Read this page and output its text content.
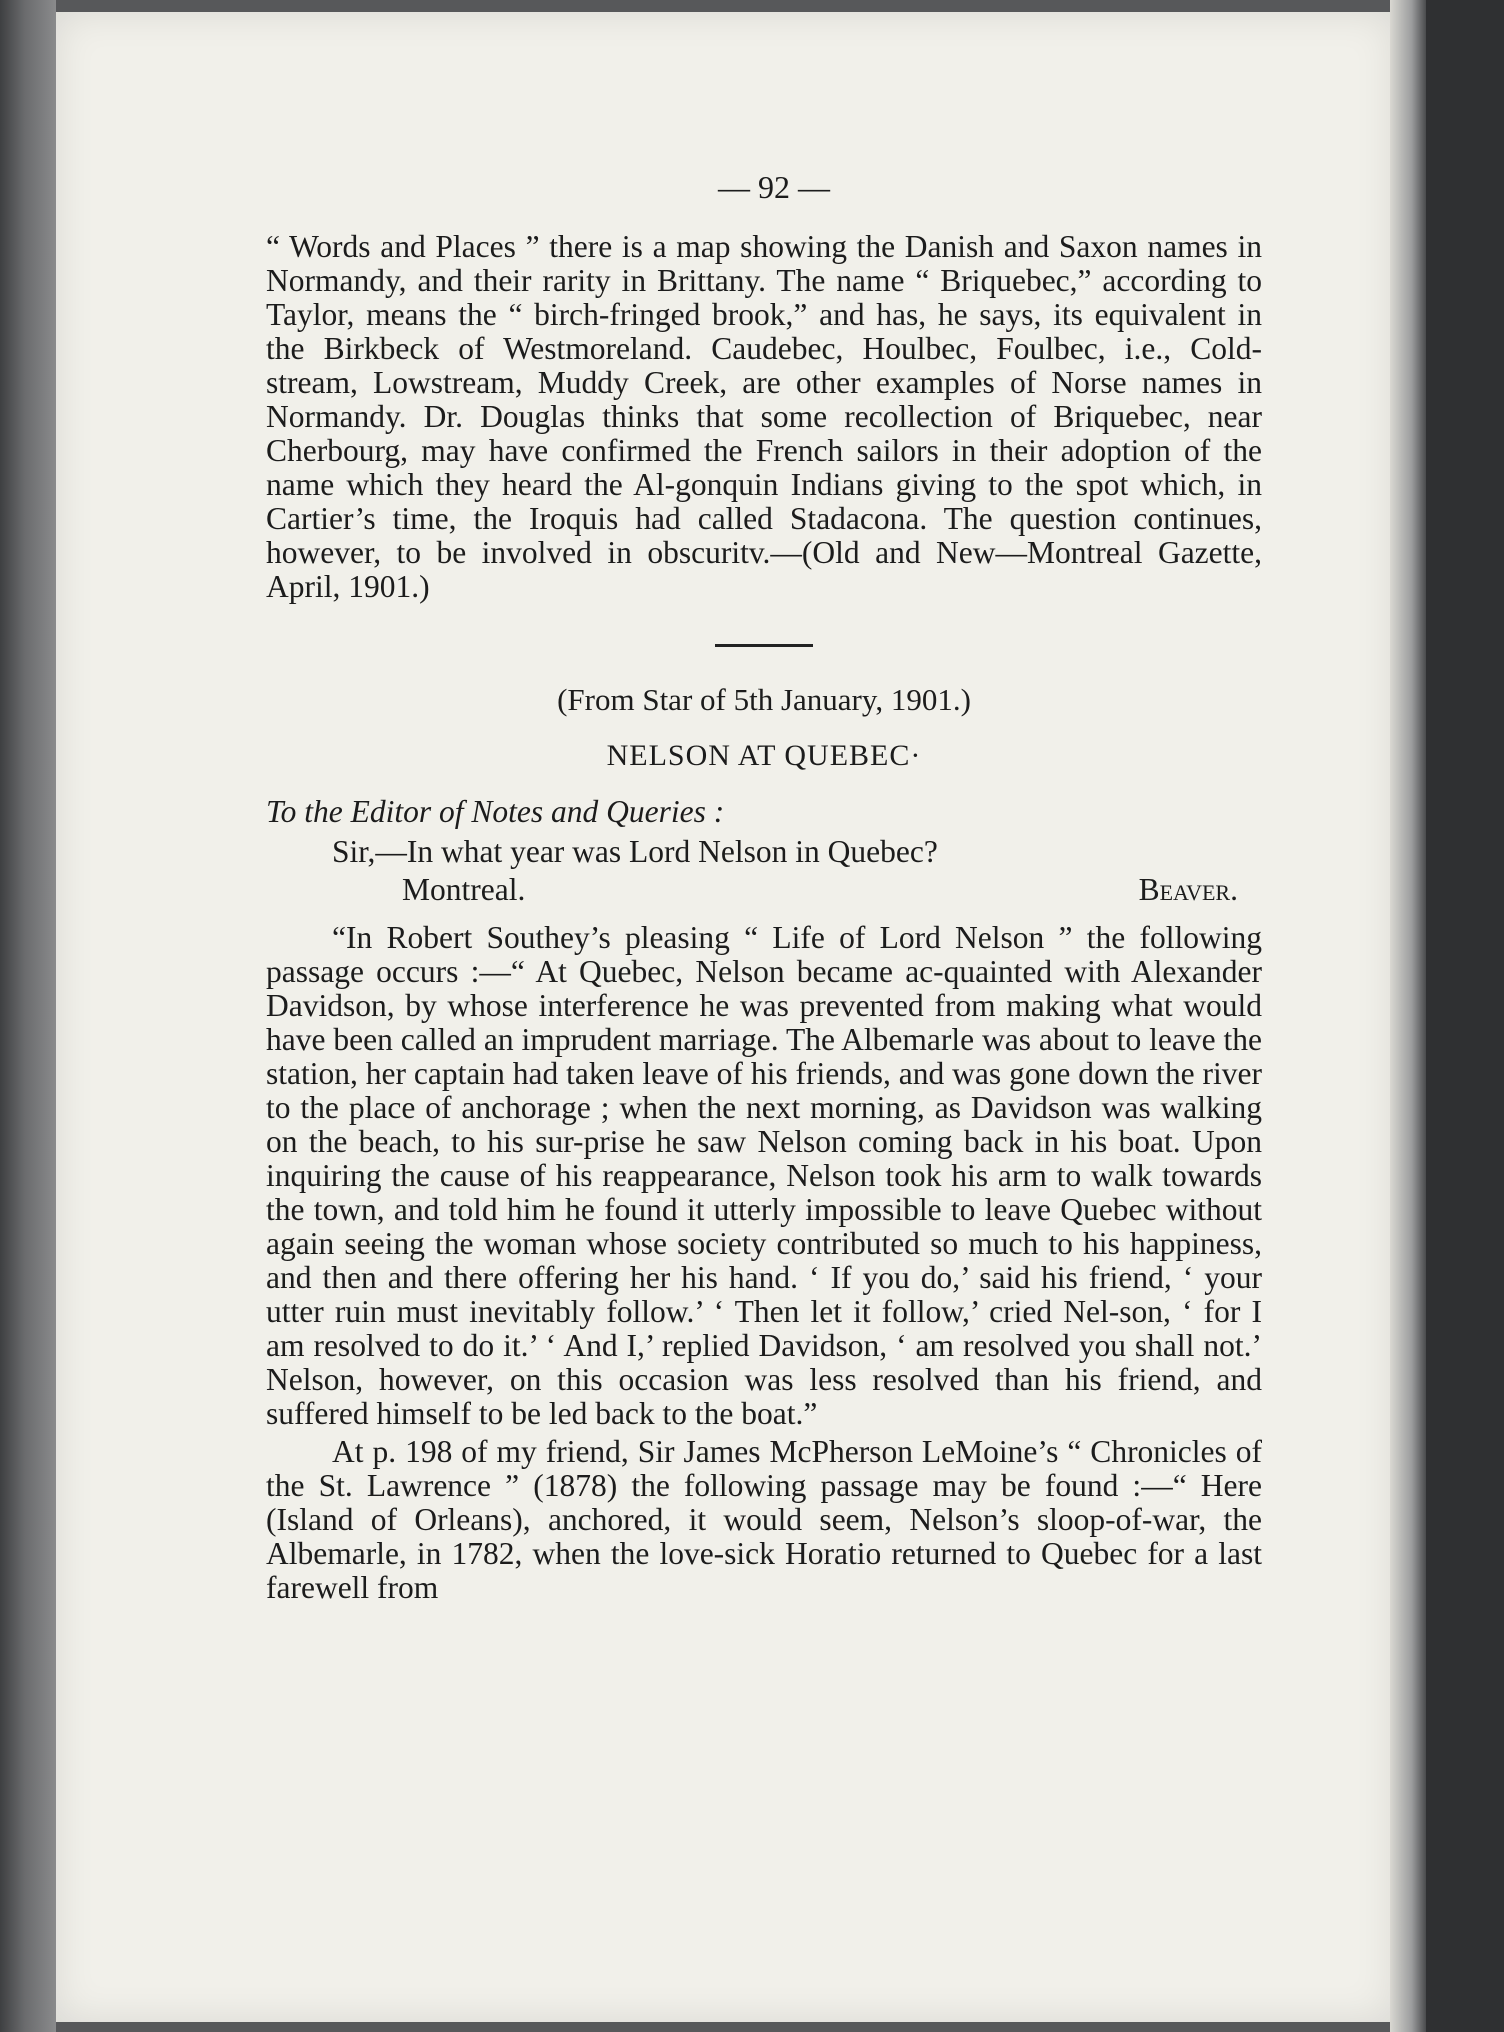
— 92 —

“ Words and Places ” there is a map showing the Danish and Saxon names in Normandy, and their rarity in Brittany. The name “ Briquebec,” according to Taylor, means the “ birch-fringed brook,” and has, he says, its equivalent in the Birkbeck of Westmoreland. Caudebec, Houlbec, Foulbec, i.e., Cold-stream, Lowstream, Muddy Creek, are other examples of Norse names in Normandy. Dr. Douglas thinks that some recollection of Briquebec, near Cherbourg, may have confirmed the French sailors in their adoption of the name which they heard the Al-gonquin Indians giving to the spot which, in Cartier’s time, the Iroquis had called Stadacona. The question continues, however, to be involved in obscuritv.—(Old and New—Montreal Gazette, April, 1901.)

(From Star of 5th January, 1901.)
NELSON AT QUEBEC·
To the Editor of Notes and Queries :
Sir,—In what year was Lord Nelson in Quebec?
Montreal.	Beaver.

“In Robert Southey’s pleasing “ Life of Lord Nelson ” the following passage occurs :—“ At Quebec, Nelson became ac-quainted with Alexander Davidson, by whose interference he was prevented from making what would have been called an imprudent marriage. The Albemarle was about to leave the station, her captain had taken leave of his friends, and was gone down the river to the place of anchorage ; when the next morning, as Davidson was walking on the beach, to his sur-prise he saw Nelson coming back in his boat. Upon inquiring the cause of his reappearance, Nelson took his arm to walk towards the town, and told him he found it utterly impossible to leave Quebec without again seeing the woman whose society contributed so much to his happiness, and then and there offering her his hand. ‘ If you do,’ said his friend, ‘ your utter ruin must inevitably follow.’ ‘ Then let it follow,’ cried Nel-son, ‘ for I am resolved to do it.’ ‘ And I,’ replied Davidson, ‘ am resolved you shall not.’ Nelson, however, on this occasion was less resolved than his friend, and suffered himself to be led back to the boat.”

At p. 198 of my friend, Sir James McPherson LeMoine’s “ Chronicles of the St. Lawrence ” (1878) the following passage may be found :—“ Here (Island of Orleans), anchored, it would seem, Nelson’s sloop-of-war, the Albemarle, in 1782, when the love-sick Horatio returned to Quebec for a last farewell from
